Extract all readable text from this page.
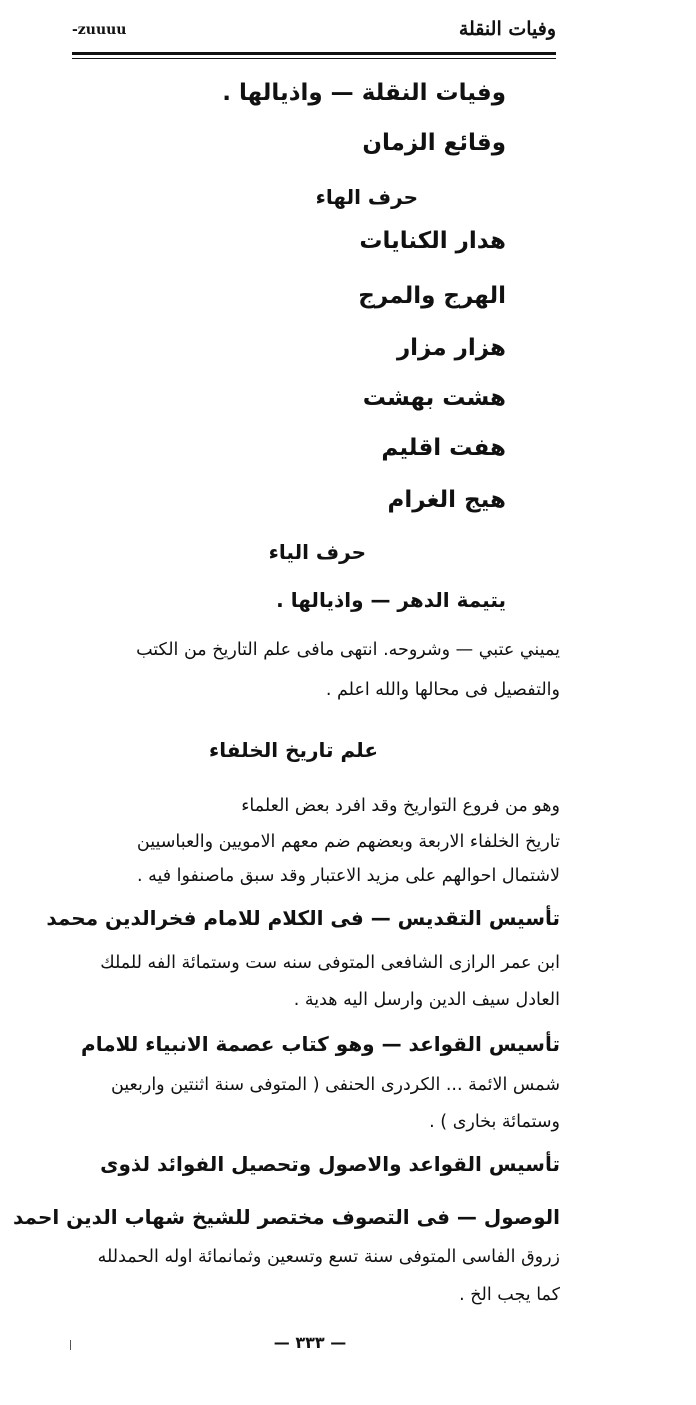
-zuuuu	وفيات النقلة
وفيات النقلة — واذيالها .
وقائع الزمان
حرف الهاء
هدار الكنايات
الهرج والمرج
هزار مزار
هشت بهشت
هفت اقليم
هيج الغرام
حرف الياء
يتيمة الدهر — واذيالها .
يميني عتبي — وشروحه. انتهى مافى علم التاريخ من الكتب
والتفصيل فى محالها والله اعلم .
علم تاريخ الخلفاء
وهو من فروع التواريخ وقد افرد بعض العلماء
تاريخ الخلفاء الاربعة وبعضهم ضم معهم الامويين والعباسيين
لاشتمال احوالهم على مزيد الاعتبار وقد سبق ماصنفوا فيه .
تأسيس التقديس — فى الكلام للامام فخرالدين محمد
ابن عمر الرازى الشافعى المتوفى سنه ست وستمائة الفه للملك
العادل سيف الدين وارسل اليه هدية .
تأسيس القواعد — وهو كتاب عصمة الانبياء للامام
شمس الائمة ... الكردرى الحنفى ( المتوفى سنة اثنتين واربعين
وستمائة بخارى ) .
تأسيس القواعد والاصول وتحصيل الفوائد لذوى
الوصول — فى التصوف مختصر للشيخ شهاب الدين احمد
زروق الفاسى المتوفى سنة تسع وتسعين وثمانمائة اوله الحمدلله
كما يجب الخ .
— ٣٣٣ —
